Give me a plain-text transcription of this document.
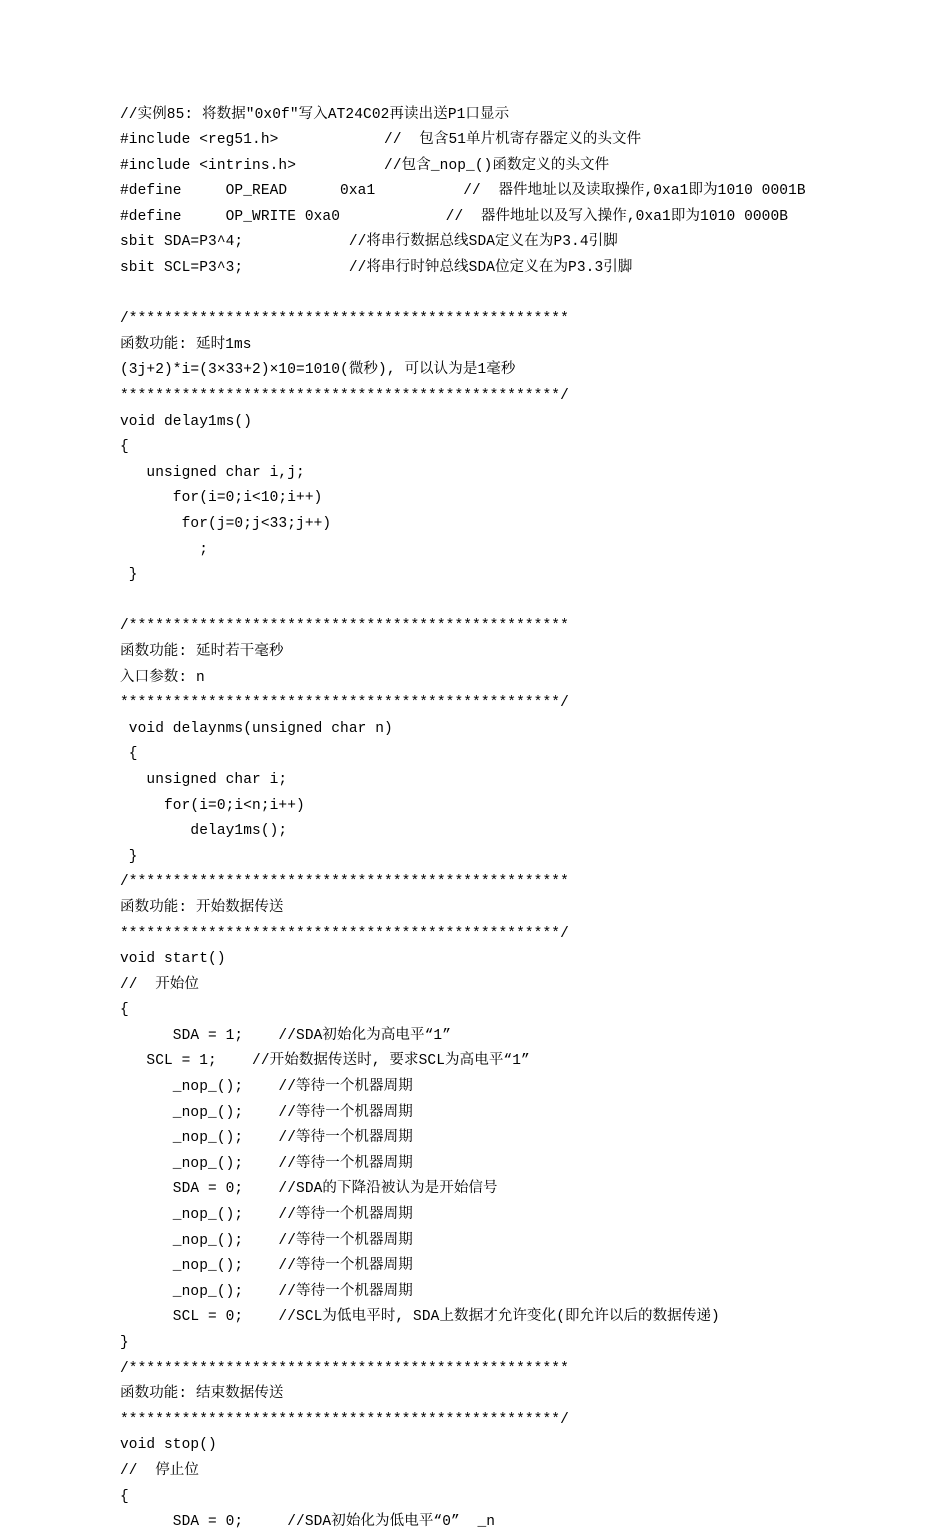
//实例85: 将数据"0x0f"写入AT24C02再读出送P1口显示
#include <reg51.h>            //  包含51单片机寄存器定义的头文件
#include <intrins.h>          //包含_nop_()函数定义的头文件
#define     OP_READ      0xa1          //  器件地址以及读取操作,0xa1即为1010 0001B
#define     OP_WRITE 0xa0            //  器件地址以及写入操作,0xa1即为1010 0000B
sbit SDA=P3^4;            //将串行数据总线SDA定义在为P3.4引脚
sbit SCL=P3^3;            //将串行时钟总线SDA位定义在为P3.3引脚

/**************************************************
函数功能: 延时1ms
(3j+2)*i=(3×33+2)×10=1010(微秒), 可以认为是1毫秒
**************************************************/
void delay1ms()
{
unsigned char i,j;
for(i=0;i<10;i++)
for(j=0;j<33;j++)
;
}

/**************************************************
函数功能: 延时若干毫秒
入口参数: n
**************************************************/
void delaynms(unsigned char n)
{
unsigned char i;
for(i=0;i<n;i++)
delay1ms();
}
/**************************************************
函数功能: 开始数据传送
**************************************************/
void start()
//  开始位
{
SDA = 1;    //SDA初始化为高电平“1”
SCL = 1;    //开始数据传送时, 要求SCL为高电平“1”
_nop_();    //等待一个机器周期
_nop_();    //等待一个机器周期
_nop_();    //等待一个机器周期
_nop_();    //等待一个机器周期
SDA = 0;    //SDA的下降沿被认为是开始信号
_nop_();    //等待一个机器周期
_nop_();    //等待一个机器周期
_nop_();    //等待一个机器周期
_nop_();    //等待一个机器周期
SCL = 0;    //SCL为低电平时, SDA上数据才允许变化(即允许以后的数据传递)
}
/**************************************************
函数功能: 结束数据传送
**************************************************/
void stop()
//  停止位
{
SDA = 0;     //SDA初始化为低电平“0”  _n
